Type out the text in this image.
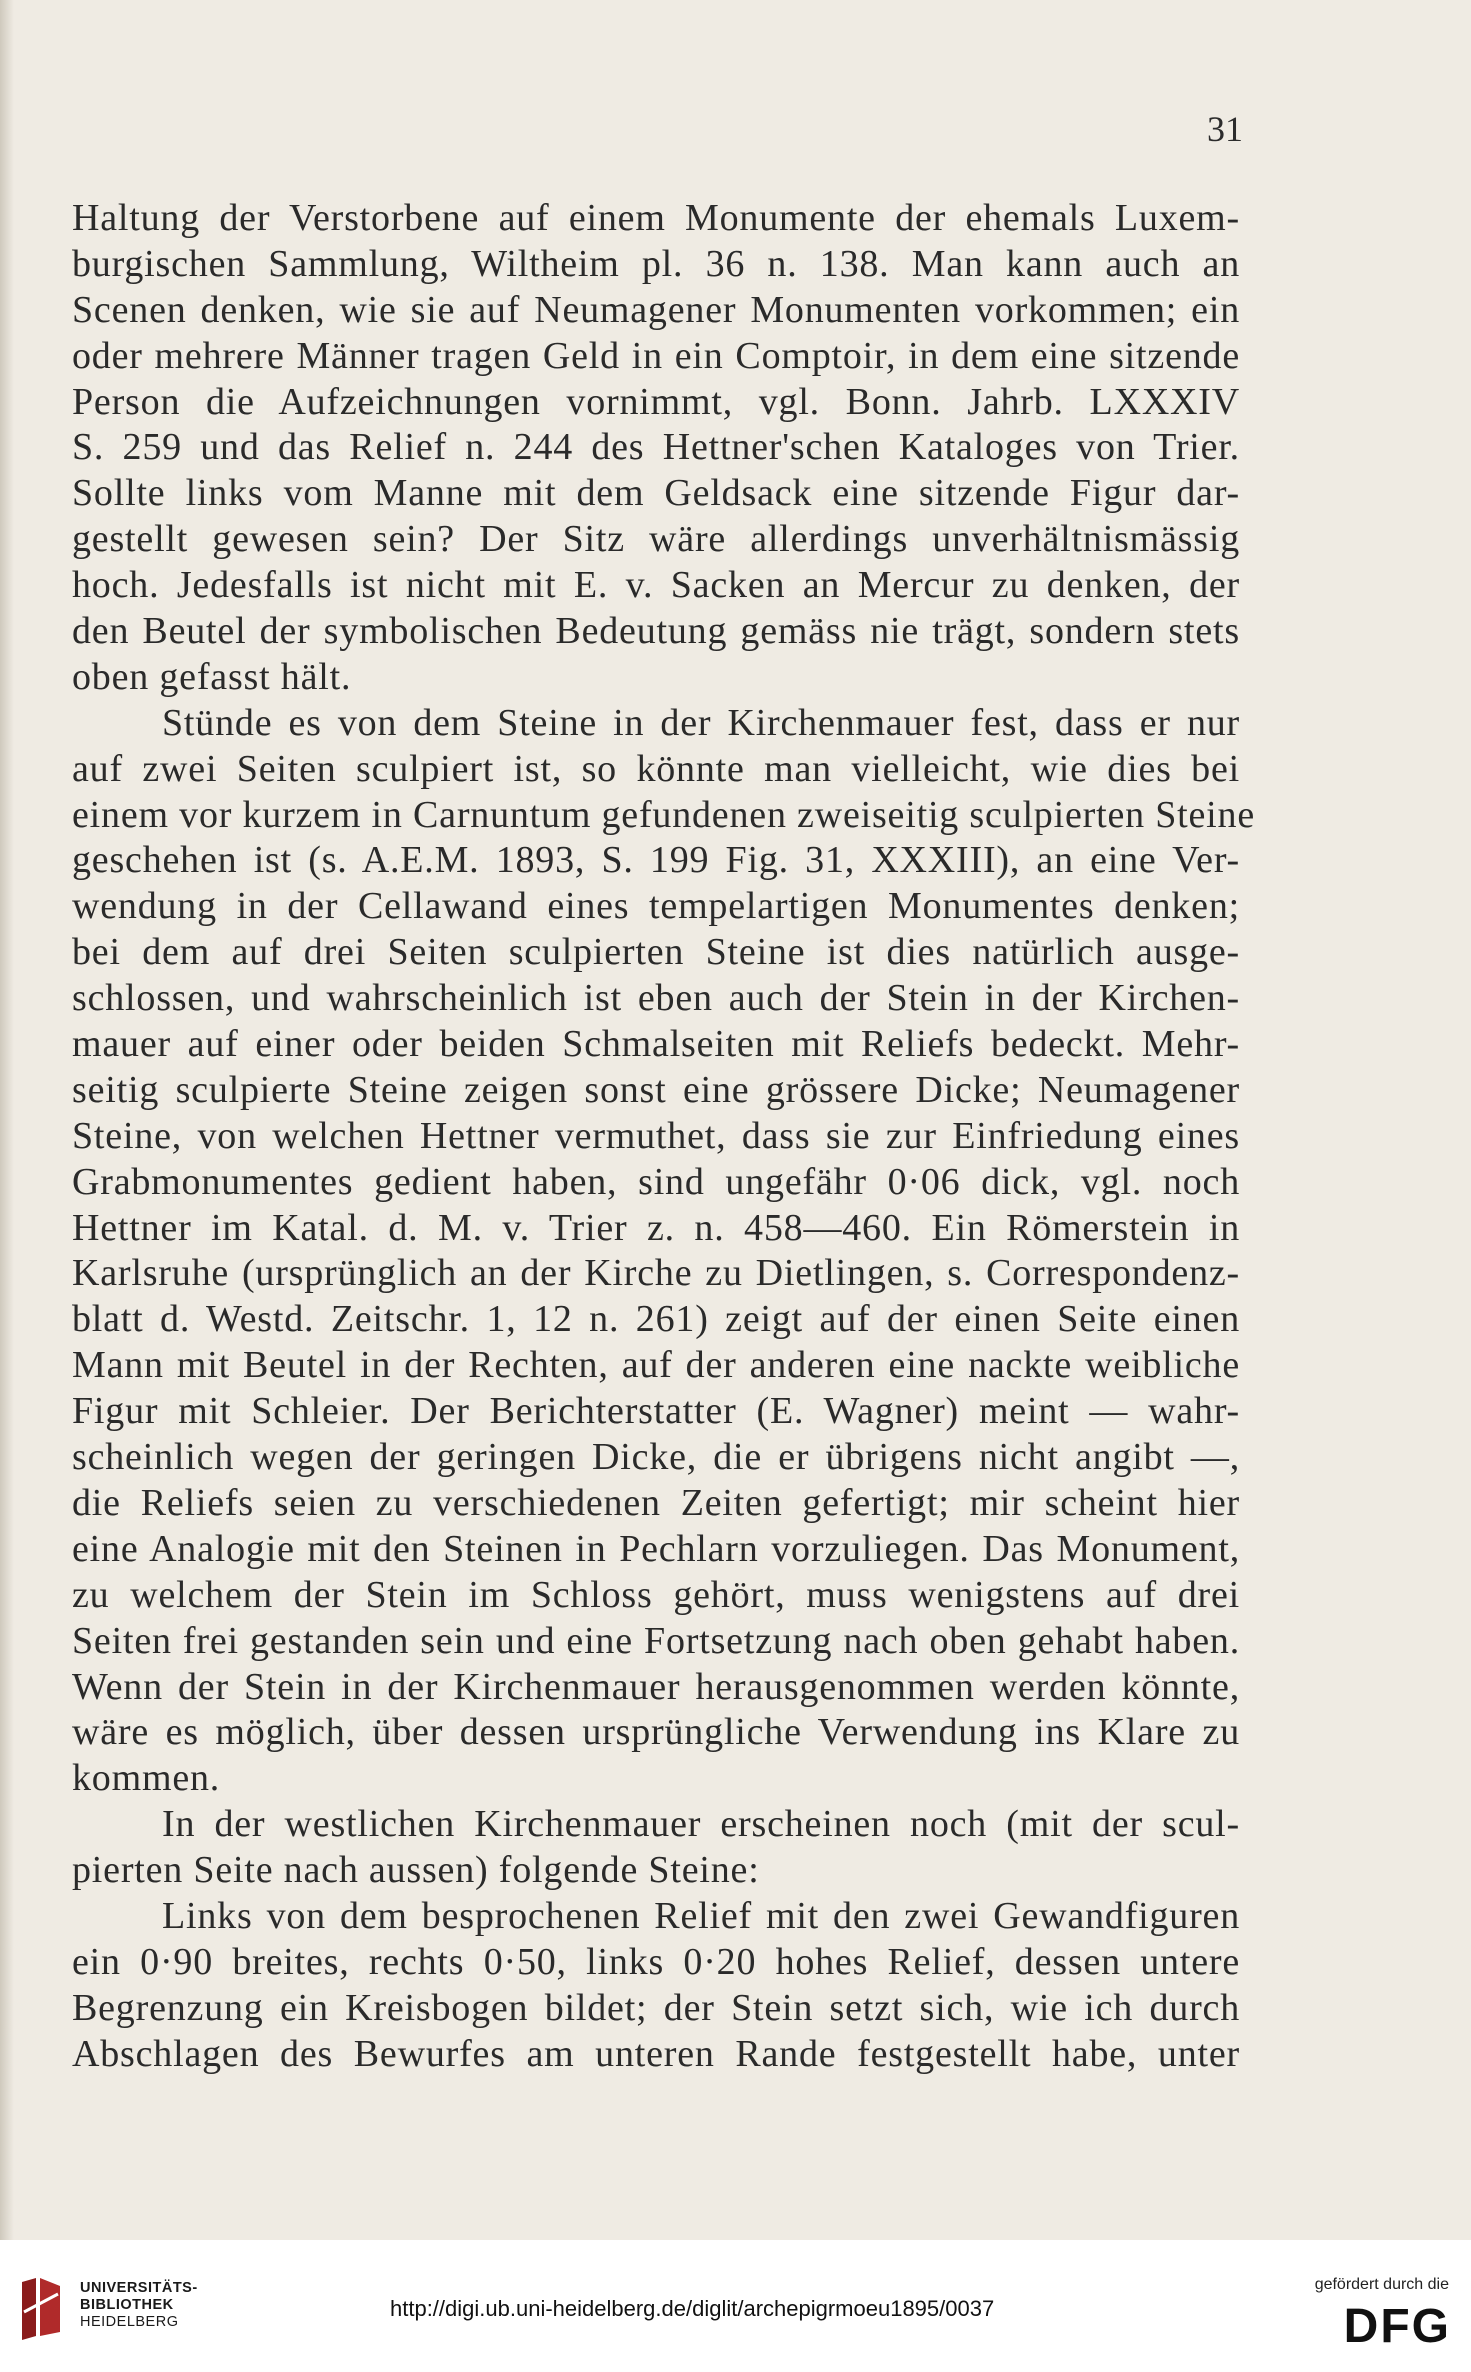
31
Haltung der Verstorbene auf einem Monumente der ehemals Luxem-
burgischen Sammlung, Wiltheim pl. 36 n. 138. Man kann auch an
Scenen denken, wie sie auf Neumagener Monumenten vorkommen; ein
oder mehrere Männer tragen Geld in ein Comptoir, in dem eine sitzende
Person die Aufzeichnungen vornimmt, vgl. Bonn. Jahrb. LXXXIV
S. 259 und das Relief n. 244 des Hettner'schen Kataloges von Trier.
Sollte links vom Manne mit dem Geldsack eine sitzende Figur dar-
gestellt gewesen sein? Der Sitz wäre allerdings unverhältnismässig
hoch. Jedesfalls ist nicht mit E. v. Sacken an Mercur zu denken, der
den Beutel der symbolischen Bedeutung gemäss nie trägt, sondern stets
oben gefasst hält.
Stünde es von dem Steine in der Kirchenmauer fest, dass er nur
auf zwei Seiten sculpiert ist, so könnte man vielleicht, wie dies bei
einem vor kurzem in Carnuntum gefundenen zweiseitig sculpierten Steine
geschehen ist (s. A.E.M. 1893, S. 199 Fig. 31, XXXIII), an eine Ver-
wendung in der Cellawand eines tempelartigen Monumentes denken;
bei dem auf drei Seiten sculpierten Steine ist dies natürlich ausge-
schlossen, und wahrscheinlich ist eben auch der Stein in der Kirchen-
mauer auf einer oder beiden Schmalseiten mit Reliefs bedeckt. Mehr-
seitig sculpierte Steine zeigen sonst eine grössere Dicke; Neumagener
Steine, von welchen Hettner vermuthet, dass sie zur Einfriedung eines
Grabmonumentes gedient haben, sind ungefähr 0·06 dick, vgl. noch
Hettner im Katal. d. M. v. Trier z. n. 458—460. Ein Römerstein in
Karlsruhe (ursprünglich an der Kirche zu Dietlingen, s. Correspondenz-
blatt d. Westd. Zeitschr. 1, 12 n. 261) zeigt auf der einen Seite einen
Mann mit Beutel in der Rechten, auf der anderen eine nackte weibliche
Figur mit Schleier. Der Berichterstatter (E. Wagner) meint — wahr-
scheinlich wegen der geringen Dicke, die er übrigens nicht angibt —,
die Reliefs seien zu verschiedenen Zeiten gefertigt; mir scheint hier
eine Analogie mit den Steinen in Pechlarn vorzuliegen. Das Monument,
zu welchem der Stein im Schloss gehört, muss wenigstens auf drei
Seiten frei gestanden sein und eine Fortsetzung nach oben gehabt haben.
Wenn der Stein in der Kirchenmauer herausgenommen werden könnte,
wäre es möglich, über dessen ursprüngliche Verwendung ins Klare zu
kommen.
In der westlichen Kirchenmauer erscheinen noch (mit der scul-
pierten Seite nach aussen) folgende Steine:
Links von dem besprochenen Relief mit den zwei Gewandfiguren
ein 0·90 breites, rechts 0·50, links 0·20 hohes Relief, dessen untere
Begrenzung ein Kreisbogen bildet; der Stein setzt sich, wie ich durch
Abschlagen des Bewurfes am unteren Rande festgestellt habe, unter
UNIVERSITÄTS-
BIBLIOTHEK
HEIDELBERG
http://digi.ub.uni-heidelberg.de/diglit/archepigrmoeu1895/0037
gefördert durch die
DFG
